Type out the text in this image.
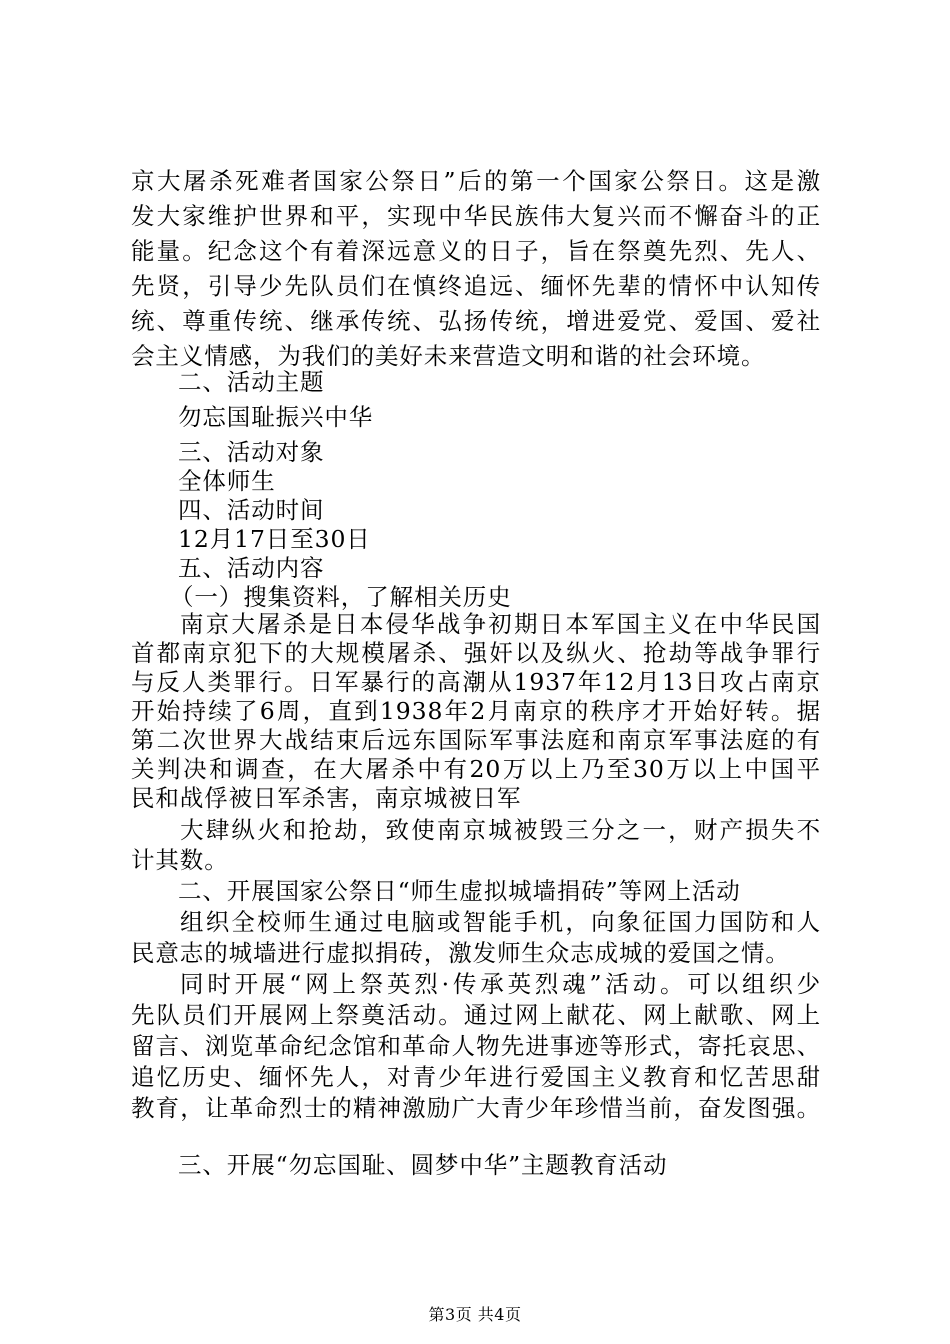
京大屠杀死难者国家公祭日”后的第一个国家公祭日。这是激
发大家维护世界和平，实现中华民族伟大复兴而不懈奋斗的正
能量。纪念这个有着深远意义的日子，旨在祭奠先烈、先人、
先贤，引导少先队员们在慎终追远、缅怀先辈的情怀中认知传
统、尊重传统、继承传统、弘扬传统，增进爱党、爱国、爱社
会主义情感，为我们的美好未来营造文明和谐的社会环境。
二、活动主题
勿忘国耻振兴中华
三、活动对象
全体师生
四、活动时间
12月17日至30日
五、活动内容
（一）搜集资料，了解相关历史
南京大屠杀是日本侵华战争初期日本军国主义在中华民国
首都南京犯下的大规模屠杀、强奸以及纵火、抢劫等战争罪行
与反人类罪行。日军暴行的高潮从1937年12月13日攻占南京
开始持续了6周，直到1938年2月南京的秩序才开始好转。据
第二次世界大战结束后远东国际军事法庭和南京军事法庭的有
关判决和调查，在大屠杀中有20万以上乃至30万以上中国平
民和战俘被日军杀害，南京城被日军
大肆纵火和抢劫，致使南京城被毁三分之一，财产损失不
计其数。
二、开展国家公祭日“师生虚拟城墙捐砖”等网上活动
组织全校师生通过电脑或智能手机，向象征国力国防和人
民意志的城墙进行虚拟捐砖，激发师生众志成城的爱国之情。
同时开展“网上祭英烈·传承英烈魂”活动。可以组织少
先队员们开展网上祭奠活动。通过网上献花、网上献歌、网上
留言、浏览革命纪念馆和革命人物先进事迹等形式，寄托哀思、
追忆历史、缅怀先人，对青少年进行爱国主义教育和忆苦思甜
教育，让革命烈士的精神激励广大青少年珍惜当前，奋发图强。
第3页 共4页
三、开展“勿忘国耻、圆梦中华”主题教育活动
